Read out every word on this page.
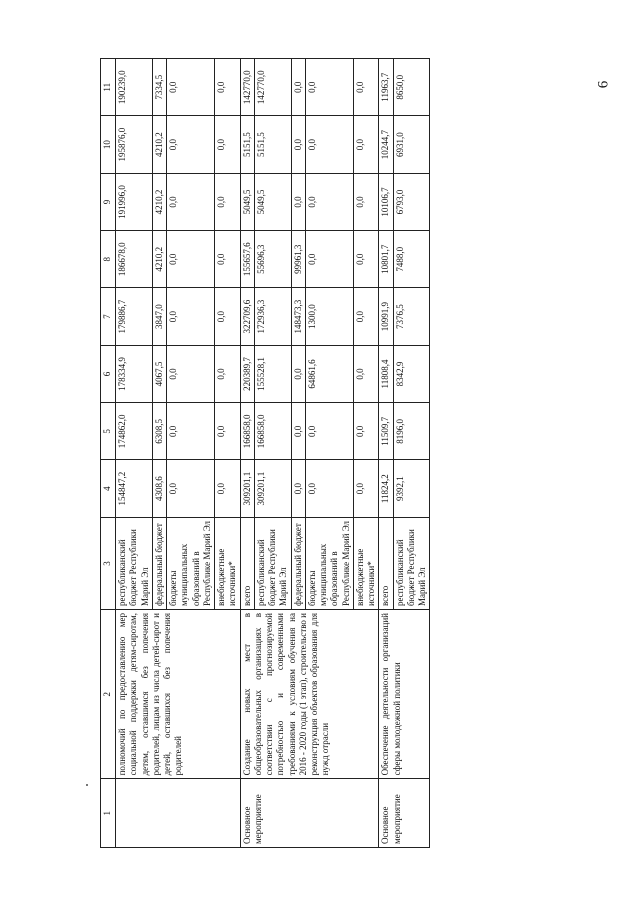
6
1	2	3	4	5	6	7	8	9	10	11
	полномочий по предоставлению мер социальной поддержки детям-сиротам, детям, оставшимся без попечения родителей, лицам из числа детей-сирот и детей, оставшихся без попечения родителей	республиканский бюджет Республики Марий Эл	154847,2	174862,0	178334,9	179886,7	186678,0	191996,0	195876,0	190239,0
		федеральный бюджет	4308,6	6308,5	4067,5	3847,0	4210,2	4210,2	4210,2	7334,5
		бюджеты муниципальных образований в Республике Марий Эл	0,0	0,0	0,0	0,0	0,0	0,0	0,0	0,0
		внебюджетные источники*	0,0	0,0	0,0	0,0	0,0	0,0	0,0	0,0
Основное мероприятие	Создание новых мест в общеобразовательных организациях в соответствии с прогнозируемой потребностью и современными требованиями к условиям обучения на 2016 - 2020 годы (1 этап), строительство и реконструкция объектов образования для нужд отрасли	всего	309201,1	166858,0	220389,7	322709,6	155657,6	5049,5	5151,5	142770,0
		республиканский бюджет Республики Марий Эл	309201,1	166858,0	155528,1	172936,3	55696,3	5049,5	5151,5	142770,0
		федеральный бюджет	0,0	0,0	0,0	148473,3	99961,3	0,0	0,0	0,0
		бюджеты муниципальных образований в Республике Марий Эл	0,0	0,0	64861,6	1300,0	0,0	0,0	0,0	0,0
		внебюджетные источники*	0,0	0,0	0,0	0,0	0,0	0,0	0,0	0,0
Основное мероприятие	Обеспечение деятельности организаций сферы молодежной политики	всего	11824,2	11509,7	11808,4	10991,9	10801,7	10106,7	10244,7	11963,7
		республиканский бюджет Республики Марий Эл	9392,1	8196,0	8342,9	7376,5	7488,0	6793,0	6931,0	8650,0
